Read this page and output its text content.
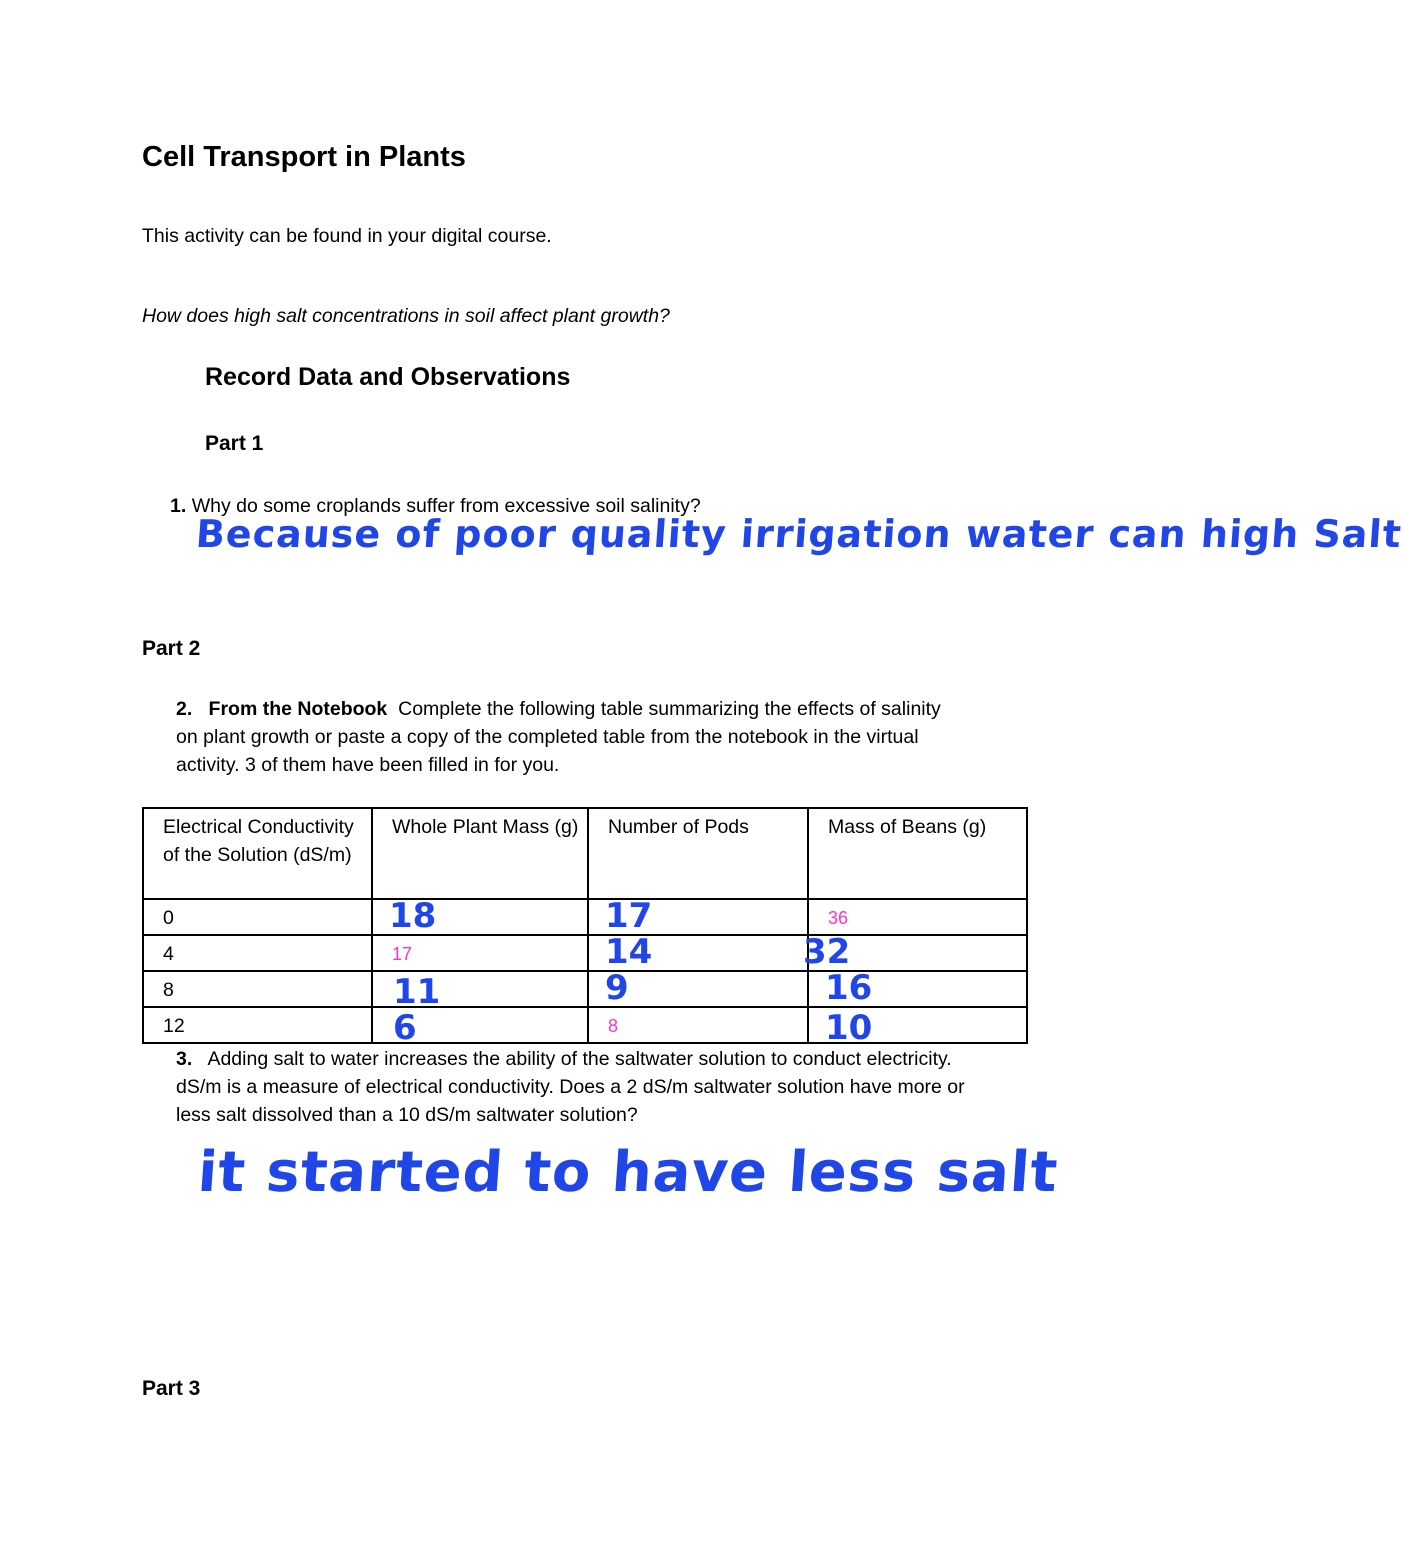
Cell Transport in Plants
This activity can be found in your digital course.
How does high salt concentrations in soil affect plant growth?
Record Data and Observations
Part 1
1. Why do some croplands suffer from excessive soil salinity?
Because of poor quality irrigation water can high Salt
Part 2
2. From the Notebook Complete the following table summarizing the effects of salinity
on plant growth or paste a copy of the completed table from the notebook in the virtual
activity. 3 of them have been filled in for you.
Electrical Conductivity of the Solution (dS/m)	Whole Plant Mass (g)	Number of Pods	Mass of Beans (g)
0	18	17	36
4	17	14	32

8	11	9	16

12	6	8	10
3. Adding salt to water increases the ability of the saltwater solution to conduct electricity.
dS/m is a measure of electrical conductivity. Does a 2 dS/m saltwater solution have more or
less salt dissolved than a 10 dS/m saltwater solution?
it started to have less salt
Part 3
